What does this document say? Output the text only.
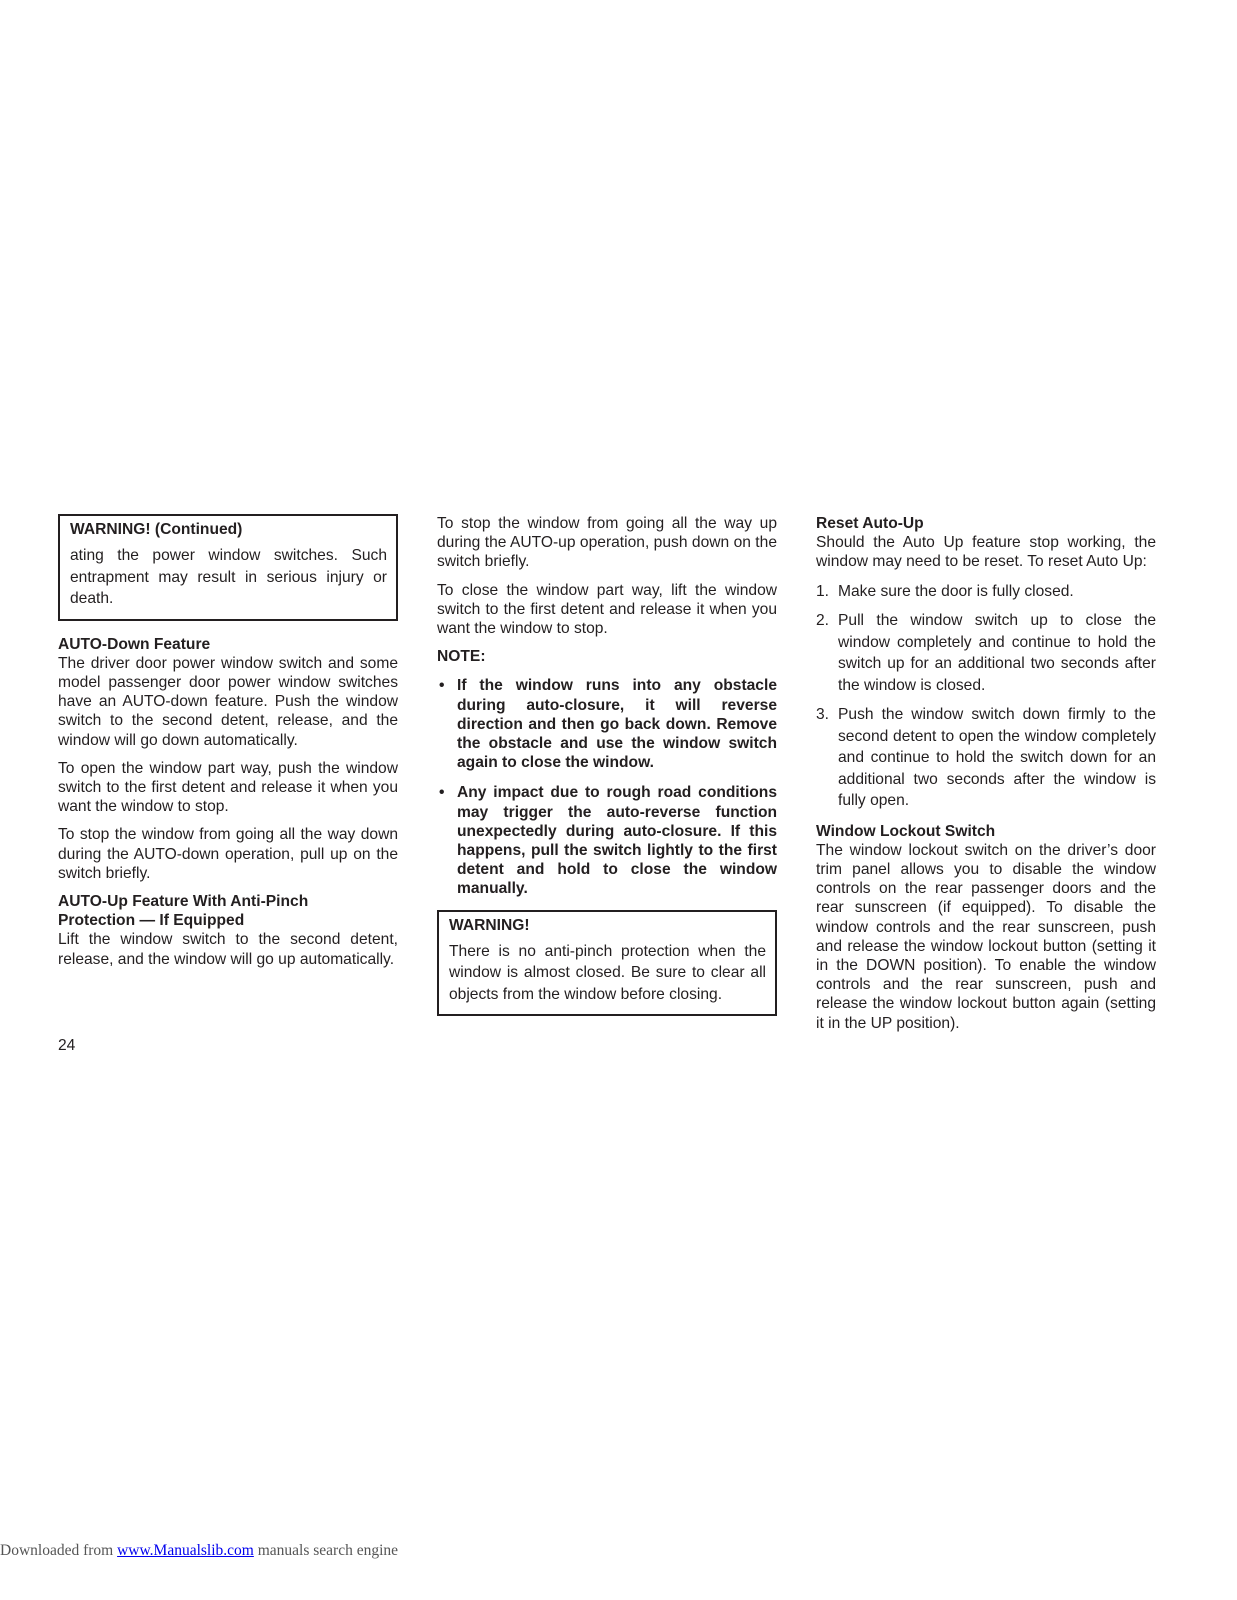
WARNING! (Continued)

ating the power window switches. Such entrapment may result in serious injury or death.

AUTO-Down Feature

The driver door power window switch and some model passenger door power window switches have an AUTO-down feature. Push the window switch to the second detent, release, and the window will go down automatically.

To open the window part way, push the window switch to the first detent and release it when you want the window to stop.

To stop the window from going all the way down during the AUTO-down operation, pull up on the switch briefly.

AUTO-Up Feature With Anti-Pinch
Protection — If Equipped

Lift the window switch to the second detent, release, and the window will go up automatically.

To stop the window from going all the way up during the AUTO-up operation, push down on the switch briefly.

To close the window part way, lift the window switch to the first detent and release it when you want the window to stop.

NOTE:
• If the window runs into any obstacle during auto-closure, it will reverse direction and then go back down. Remove the obstacle and use the window switch again to close the window.
• Any impact due to rough road conditions may trigger the auto-reverse function unexpectedly during auto-closure. If this happens, pull the switch lightly to the first detent and hold to close the window manually.
WARNING!

There is no anti-pinch protection when the window is almost closed. Be sure to clear all objects from the window before closing.

Reset Auto-Up

Should the Auto Up feature stop working, the window may need to be reset. To reset Auto Up:

1. Make sure the door is fully closed.
2. Pull the window switch up to close the window completely and continue to hold the switch up for an additional two seconds after the window is closed.
3. Push the window switch down firmly to the second detent to open the window completely and continue to hold the switch down for an additional two seconds after the window is fully open.
Window Lockout Switch

The window lockout switch on the driver’s door trim panel allows you to disable the window controls on the rear passenger doors and the rear sunscreen (if equipped). To disable the window controls and the rear sunscreen, push and release the window lockout button (setting it in the DOWN position). To enable the window controls and the rear sunscreen, push and release the window lockout button again (setting it in the UP position).

24
Downloaded from www.Manualslib.com manuals search engine
